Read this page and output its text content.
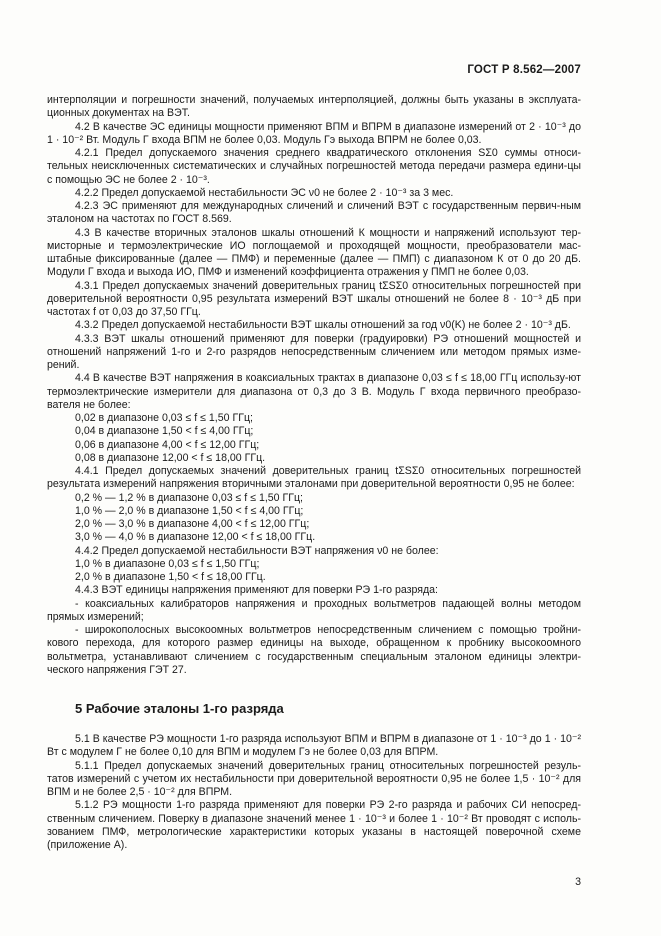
ГОСТ Р 8.562—2007

интерполяции и погрешности значений, получаемых интерполяцией, должны быть указаны в эксплуата-ционных документах на ВЭТ.

4.2 В качестве ЭС единицы мощности применяют ВПМ и ВПРМ в диапазоне измерений от 2 · 10⁻³ до 1 · 10⁻² Вт. Модуль Γ входа ВПМ не более 0,03. Модуль Γэ выхода ВПРМ не более 0,03.

4.2.1 Предел допускаемого значения среднего квадратического отклонения SΣ0 суммы относи-тельных неисключенных систематических и случайных погрешностей метода передачи размера едини-цы с помощью ЭС не более 2 · 10⁻³.

4.2.2 Предел допускаемой нестабильности ЭС ν0 не более 2 · 10⁻³ за 3 мес.

4.2.3 ЭС применяют для международных сличений и сличений ВЭТ с государственным первич-ным эталоном на частотах по ГОСТ 8.569.

4.3 В качестве вторичных эталонов шкалы отношений К мощности и напряжений используют тер-мисторные и термоэлектрические ИО поглощаемой и проходящей мощности, преобразователи мас-штабные фиксированные (далее — ПМФ) и переменные (далее — ПМП) с диапазоном К от 0 до 20 дБ. Модули Γ входа и выхода ИО, ПМФ и изменений коэффициента отражения у ПМП не более 0,03.

4.3.1 Предел допускаемых значений доверительных границ tΣSΣ0 относительных погрешностей при доверительной вероятности 0,95 результата измерений ВЭТ шкалы отношений не более 8 · 10⁻³ дБ при частотах f от 0,03 до 37,50 ГГц.

4.3.2 Предел допускаемой нестабильности ВЭТ шкалы отношений за год ν0(K) не более 2 · 10⁻³ дБ.

4.3.3 ВЭТ шкалы отношений применяют для поверки (градуировки) РЭ отношений мощностей и отношений напряжений 1-го и 2-го разрядов непосредственным сличением или методом прямых изме-рений.

4.4 В качестве ВЭТ напряжения в коаксиальных трактах в диапазоне 0,03 ≤ f ≤ 18,00 ГГц использу-ют термоэлектрические измерители для диапазона от 0,3 до 3 В. Модуль Γ входа первичного преобразо-вателя не более:

0,02 в диапазоне 0,03 ≤ f ≤ 1,50 ГГц;

0,04 в диапазоне 1,50 < f ≤ 4,00 ГГц;

0,06 в диапазоне 4,00 < f ≤ 12,00 ГГц;

0,08 в диапазоне 12,00 < f ≤ 18,00 ГГц.

4.4.1 Предел допускаемых значений доверительных границ tΣSΣ0 относительных погрешностей результата измерений напряжения вторичными эталонами при доверительной вероятности 0,95 не более:

0,2 % — 1,2 % в диапазоне 0,03 ≤ f ≤ 1,50 ГГц;

1,0 % — 2,0 % в диапазоне 1,50 < f ≤ 4,00 ГГц;

2,0 % — 3,0 % в диапазоне 4,00 < f ≤ 12,00 ГГц;

3,0 % — 4,0 % в диапазоне 12,00 < f ≤ 18,00 ГГц.

4.4.2 Предел допускаемой нестабильности ВЭТ напряжения ν0 не более:

1,0 % в диапазоне 0,03 ≤ f ≤ 1,50 ГГц;

2,0 % в диапазоне 1,50 < f ≤ 18,00 ГГц.

4.4.3 ВЭТ единицы напряжения применяют для поверки РЭ 1-го разряда:

- коаксиальных калибраторов напряжения и проходных вольтметров падающей волны методом прямых измерений;

- широкополосных высокоомных вольтметров непосредственным сличением с помощью тройни-кового перехода, для которого размер единицы на выходе, обращенном к пробнику высокоомного вольтметра, устанавливают сличением с государственным специальным эталоном единицы электри-ческого напряжения ГЭТ 27.

5 Рабочие эталоны 1-го разряда

5.1 В качестве РЭ мощности 1-го разряда используют ВПМ и ВПРМ в диапазоне от 1 · 10⁻³ до 1 · 10⁻² Вт с модулем Γ не более 0,10 для ВПМ и модулем Γэ не более 0,03 для ВПРМ.

5.1.1 Предел допускаемых значений доверительных границ относительных погрешностей резуль-татов измерений с учетом их нестабильности при доверительной вероятности 0,95 не более 1,5 · 10⁻² для ВПМ и не более 2,5 · 10⁻² для ВПРМ.

5.1.2 РЭ мощности 1-го разряда применяют для поверки РЭ 2-го разряда и рабочих СИ непосред-ственным сличением. Поверку в диапазоне значений менее 1 · 10⁻³ и более 1 · 10⁻² Вт проводят с исполь-зованием ПМФ, метрологические характеристики которых указаны в настоящей поверочной схеме (приложение А).

3
